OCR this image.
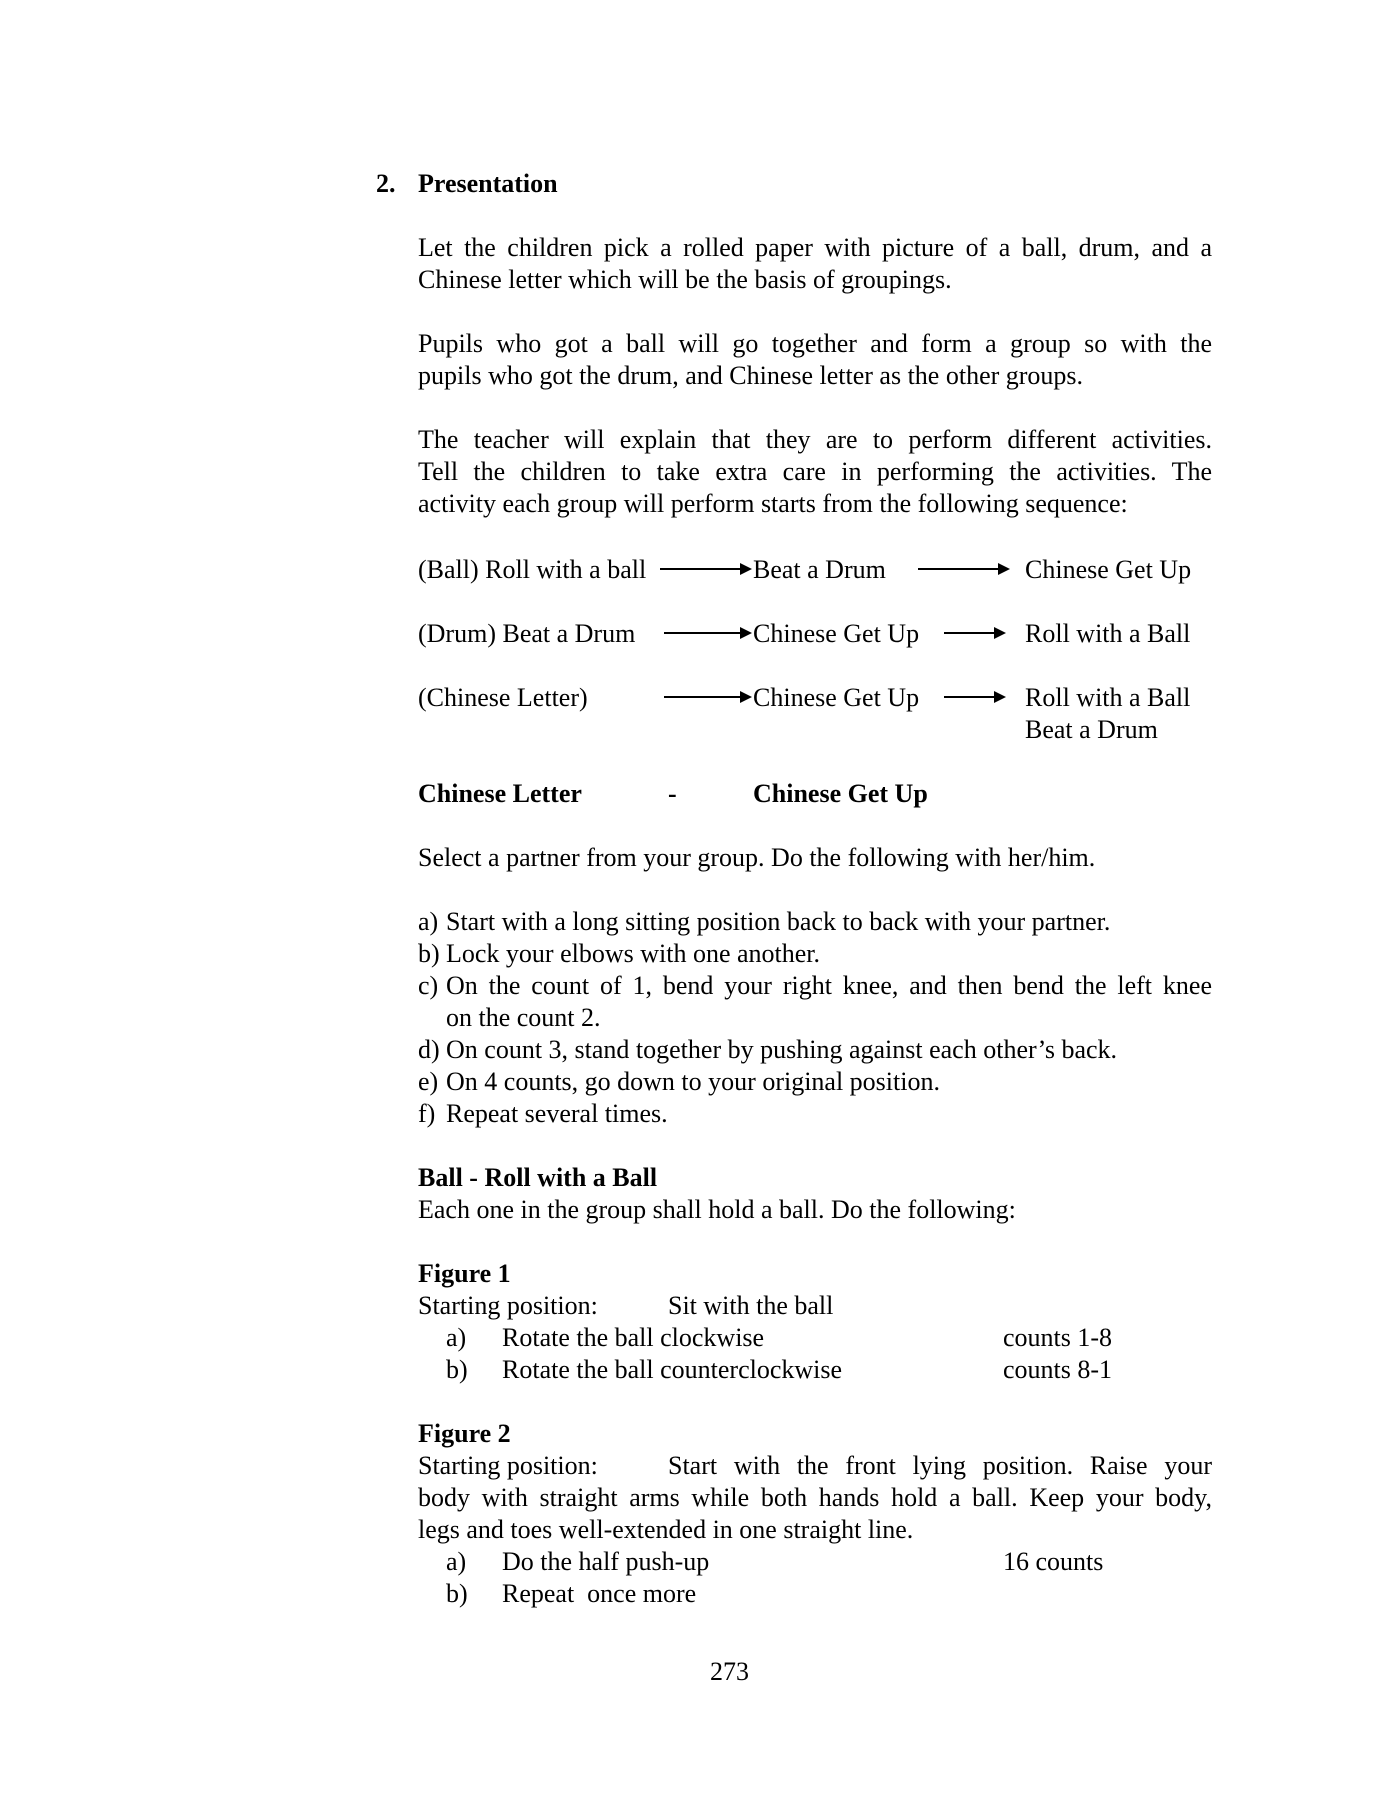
2. Presentation
Let the children pick a rolled paper with picture of a ball, drum, and a
Chinese letter which will be the basis of groupings.
Pupils who got a ball will go together and form a group so with the
pupils who got the drum, and Chinese letter as the other groups.
The teacher will explain that they are to perform different activities.
Tell the children to take extra care in performing the activities. The
activity each group will perform starts from the following sequence:
(Ball) Roll with a ball	Beat a Drum	Chinese Get Up
(Drum) Beat a Drum	Chinese Get Up	Roll with a Ball
(Chinese Letter)	Chinese Get Up	Roll with a Ball
Beat a Drum
Chinese Letter	-	Chinese Get Up
Select a partner from your group. Do the following with her/him.
a) Start with a long sitting position back to back with your partner.
b) Lock your elbows with one another.
c) On the count of 1, bend your right knee, and then bend the left knee
on the count 2.
d) On count 3, stand together by pushing against each other’s back.
e) On 4 counts, go down to your original position.
f) Repeat several times.
Ball - Roll with a Ball
Each one in the group shall hold a ball. Do the following:
Figure 1
Starting position:	Sit with the ball
a) Rotate the ball clockwise	counts 1-8
b) Rotate the ball counterclockwise	counts 8-1
Figure 2
Starting position:	Start with the front lying position. Raise your
body with straight arms while both hands hold a ball. Keep your body,
legs and toes well-extended in one straight line.
a) Do the half push-up	16 counts
b) Repeat  once more
273
